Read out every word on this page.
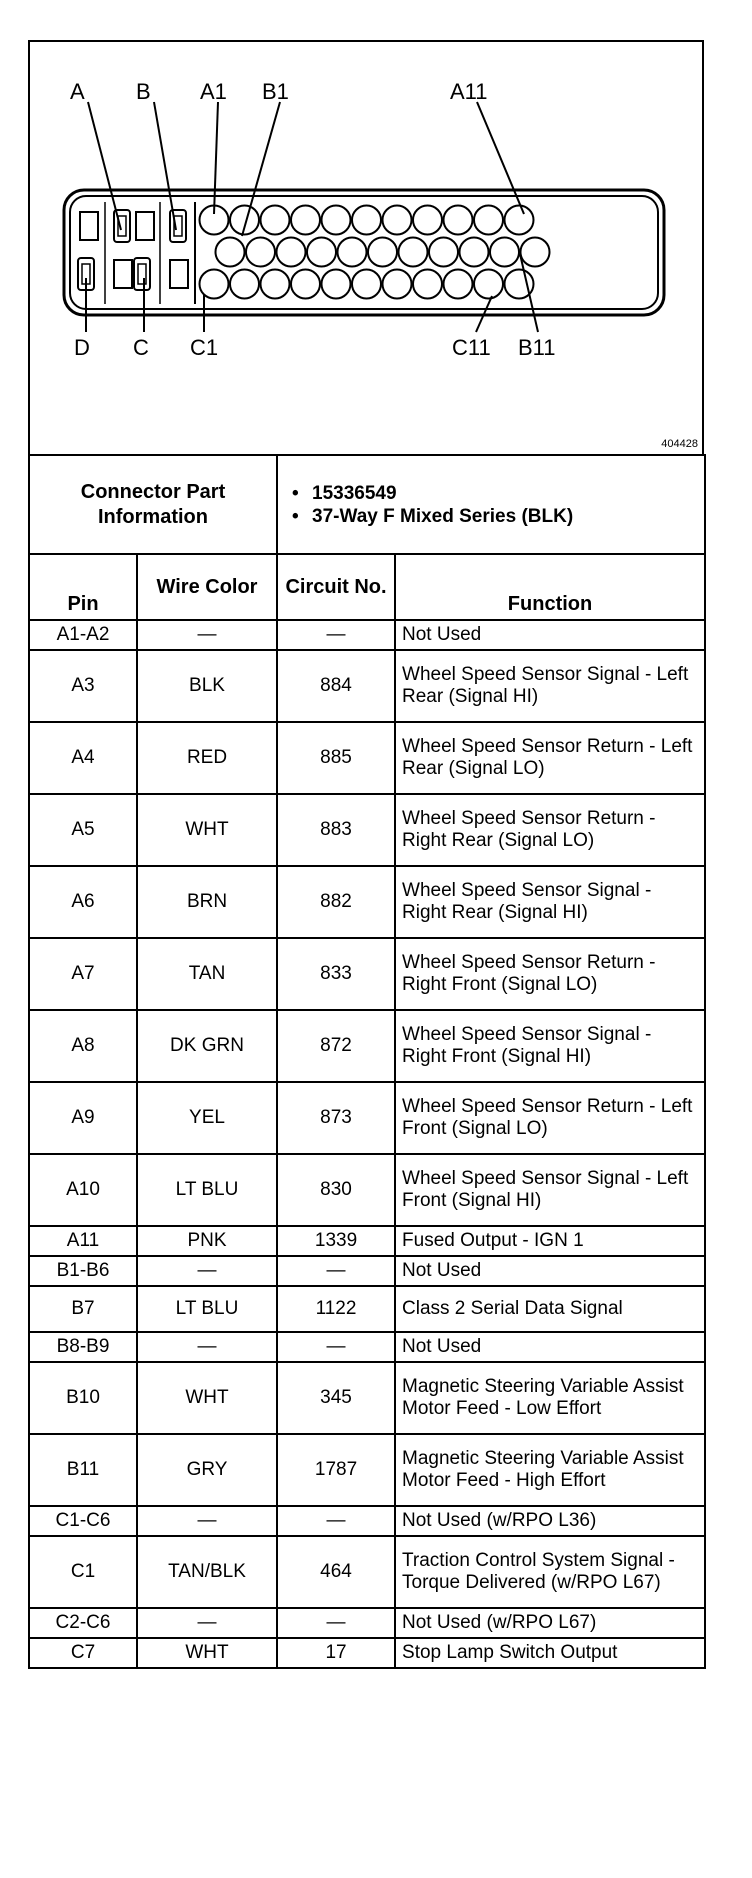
A B A1 B1	A11
D C C1	C11 B11
404428
Connector Part Information		• 15336549
• 37-Way F Mixed Series (BLK)

Pin	Wire Color	Circuit No.	Function
A1-A2	—	—	Not Used
A3	BLK	884	Wheel Speed Sensor Signal - Left Rear (Signal HI)
A4	RED	885	Wheel Speed Sensor Return - Left Rear (Signal LO)
A5	WHT	883	Wheel Speed Sensor Return - Right Rear (Signal LO)
A6	BRN	882	Wheel Speed Sensor Signal - Right Rear (Signal HI)
A7	TAN	833	Wheel Speed Sensor Return - Right Front (Signal LO)
A8	DK GRN	872	Wheel Speed Sensor Signal - Right Front (Signal HI)
A9	YEL	873	Wheel Speed Sensor Return - Left Front (Signal LO)
A10	LT BLU	830	Wheel Speed Sensor Signal - Left Front (Signal HI)
A11	PNK	1339	Fused Output - IGN 1
B1-B6	—	—	Not Used
B7	LT BLU	1122	Class 2 Serial Data Signal
B8-B9	—	—	Not Used
B10	WHT	345	Magnetic Steering Variable Assist Motor Feed - Low Effort
B11	GRY	1787	Magnetic Steering Variable Assist Motor Feed - High Effort
C1-C6	—	—	Not Used (w/RPO L36)
C1	TAN/BLK	464	Traction Control System Signal - Torque Delivered (w/RPO L67)
C2-C6	—	—	Not Used (w/RPO L67)
C7	WHT	17	Stop Lamp Switch Output
